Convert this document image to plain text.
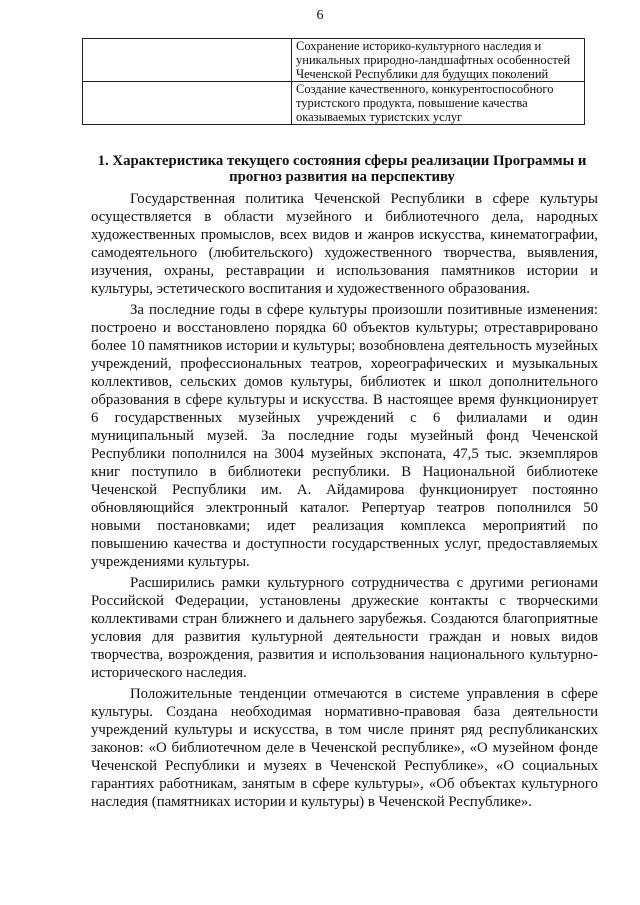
6
	Сохранение историко-культурного наследия и уникальных природно-ландшафтных особенностей Чеченской Республики для будущих поколений
	Создание качественного, конкурентоспособного туристского продукта, повышение качества оказываемых туристских услуг
1. Характеристика текущего состояния сферы реализации Программы и прогноз развития на перспективу

Государственная политика Чеченской Республики в сфере культуры осуществляется в области музейного и библиотечного дела, народных художественных промыслов, всех видов и жанров искусства, кинематографии, самодеятельного (любительского) художественного творчества, выявления, изучения, охраны, реставрации и использования памятников истории и культуры, эстетического воспитания и художественного образования.

За последние годы в сфере культуры произошли позитивные изменения: построено и восстановлено порядка 60 объектов культуры; отреставрировано более 10 памятников истории и культуры; возобновлена деятельность музейных учреждений, профессиональных театров, хореографических и музыкальных коллективов, сельских домов культуры, библиотек и школ дополнительного образования в сфере культуры и искусства. В настоящее время функционирует 6 государственных музейных учреждений с 6 филиалами и один муниципальный музей. За последние годы музейный фонд Чеченской Республики пополнился на 3004 музейных экспоната, 47,5 тыс. экземпляров книг поступило в библиотеки республики. В Национальной библиотеке Чеченской Республики им. А. Айдамирова функционирует постоянно обновляющийся электронный каталог. Репертуар театров пополнился 50 новыми постановками; идет реализация комплекса мероприятий по повышению качества и доступности государственных услуг, предоставляемых учреждениями культуры.

Расширились рамки культурного сотрудничества с другими регионами Российской Федерации, установлены дружеские контакты с творческими коллективами стран ближнего и дальнего зарубежья. Создаются благоприятные условия для развития культурной деятельности граждан и новых видов творчества, возрождения, развития и использования национального культурно-исторического наследия.

Положительные тенденции отмечаются в системе управления в сфере культуры. Создана необходимая нормативно-правовая база деятельности учреждений культуры и искусства, в том числе принят ряд республиканских законов: «О библиотечном деле в Чеченской республике», «О музейном фонде Чеченской Республики и музеях в Чеченской Республике», «О социальных гарантиях работникам, занятым в сфере культуры», «Об объектах культурного наследия (памятниках истории и культуры) в Чеченской Республике».
